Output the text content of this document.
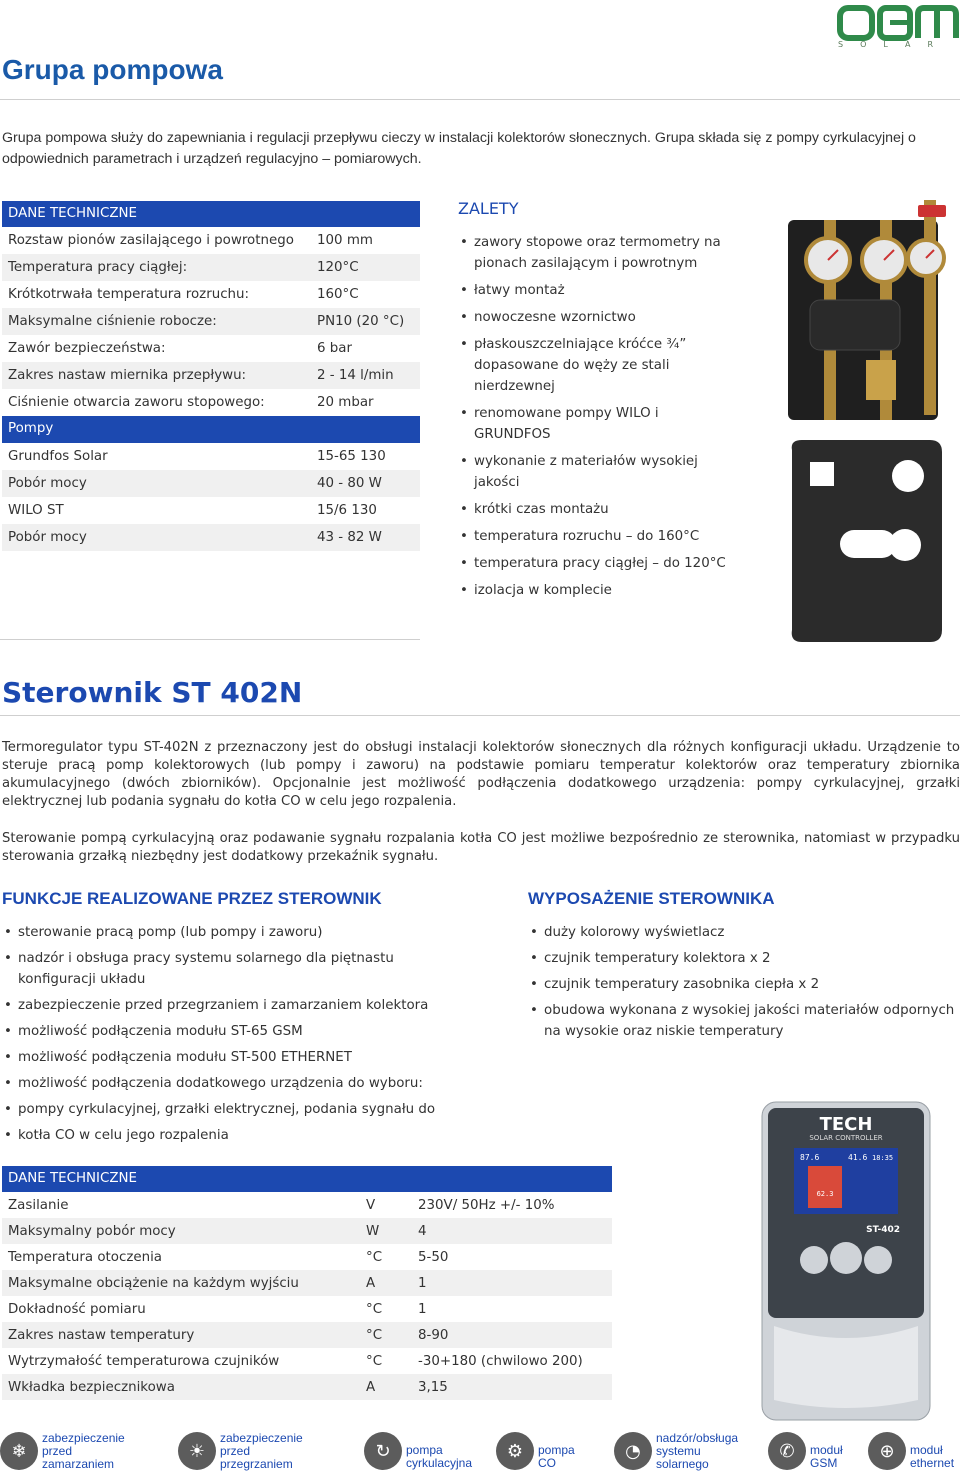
SOLAR
Grupa pompowa

Grupa pompowa służy do zapewniania i regulacji przepływu cieczy w instalacji kolektorów słonecznych. Grupa składa się z pompy cyrkulacyjnej o odpowiednich parametrach i urządzeń regulacyjno – pomiarowych.

DANE TECHNICZNE
Rozstaw pionów zasilającego i powrotnego	100 mm
Temperatura pracy ciągłej:	120°C
Krótkotrwała temperatura rozruchu:	160°C
Maksymalne ciśnienie robocze:	PN10 (20 °C)
Zawór bezpieczeństwa:	6 bar
Zakres nastaw miernika przepływu:	2 - 14 l/min
Ciśnienie otwarcia zaworu stopowego:	20 mbar
Pompy
Grundfos Solar	15-65 130
Pobór mocy	40 - 80 W
WILO ST	15/6 130
Pobór mocy	43 - 82 W
ZALETY
• zawory stopowe oraz termometry na pionach zasilającym i powrotnym
• łatwy montaż
• nowoczesne wzornictwo
• płaskouszczelniające króćce ¾” dopasowane do węży ze stali nierdzewnej
• renomowane pompy WILO i GRUNDFOS
• wykonanie z materiałów wysokiej jakości
• krótki czas montażu
• temperatura rozruchu – do 160°C
• temperatura pracy ciągłej – do 120°C
• izolacja w komplecie
Sterownik ST 402N

Termoregulator typu ST-402N z przeznaczony jest do obsługi instalacji kolektorów słonecznych dla różnych konfiguracji układu. Urządzenie to steruje pracą pomp kolektorowych (lub pompy i zaworu) na podstawie pomiaru temperatur kolektorów oraz temperatury zbiornika akumulacyjnego (dwóch zbiorników). Opcjonalnie jest możliwość podłączenia dodatkowego urządzenia: pompy cyrkulacyjnej, grzałki elektrycznej lub podania sygnału do kotła CO w celu jego rozpalenia.

Sterowanie pompą cyrkulacyjną oraz podawanie sygnału rozpalania kotła CO jest możliwe bezpośrednio ze sterownika, natomiast w przypadku sterowania grzałką niezbędny jest dodatkowy przekaźnik sygnału.

FUNKCJE REALIZOWANE PRZEZ STEROWNIK
• sterowanie pracą pomp (lub pompy i zaworu)
• nadzór i obsługa pracy systemu solarnego dla piętnastu konfiguracji układu
• zabezpieczenie przed przegrzaniem i zamarzaniem kolektora
• możliwość podłączenia modułu ST-65 GSM
• możliwość podłączenia modułu ST-500 ETHERNET
• możliwość podłączenia dodatkowego urządzenia do wyboru:
• pompy cyrkulacyjnej, grzałki elektrycznej, podania sygnału do
• kotła CO w celu jego rozpalenia
WYPOSAŻENIE STEROWNIKA
• duży kolorowy wyświetlacz
• czujnik temperatury kolektora x 2
• czujnik temperatury zasobnika ciepła x 2
• obudowa wykonana z wysokiej jakości materiałów odpornych na wysokie oraz niskie temperatury
DANE TECHNICZNE
Zasilanie	V	230V/ 50Hz +/- 10%
Maksymalny pobór mocy	W	4
Temperatura otoczenia	°C	5-50
Maksymalne obciążenie na każdym wyjściu	A	1
Dokładność pomiaru	°C	1
Zakres nastaw temperatury	°C	8-90
Wytrzymałość temperaturowa czujników	°C	-30+180 (chwilowo 200)
Wkładka bezpiecznikowa	A	3,15
TECH
SOLAR CONTROLLER
87.6	41.6 18:35
62.3
ST-402
❄
zabezpieczenie
przed
zamarzaniem
☀
zabezpieczenie
przed
przegrzaniem
↻	pompa
cyrkulacyjna
⚙	pompa
CO
◔
nadzór/obsługa
systemu
solarnego
✆	moduł
GSM
⊕	moduł
ethernet
